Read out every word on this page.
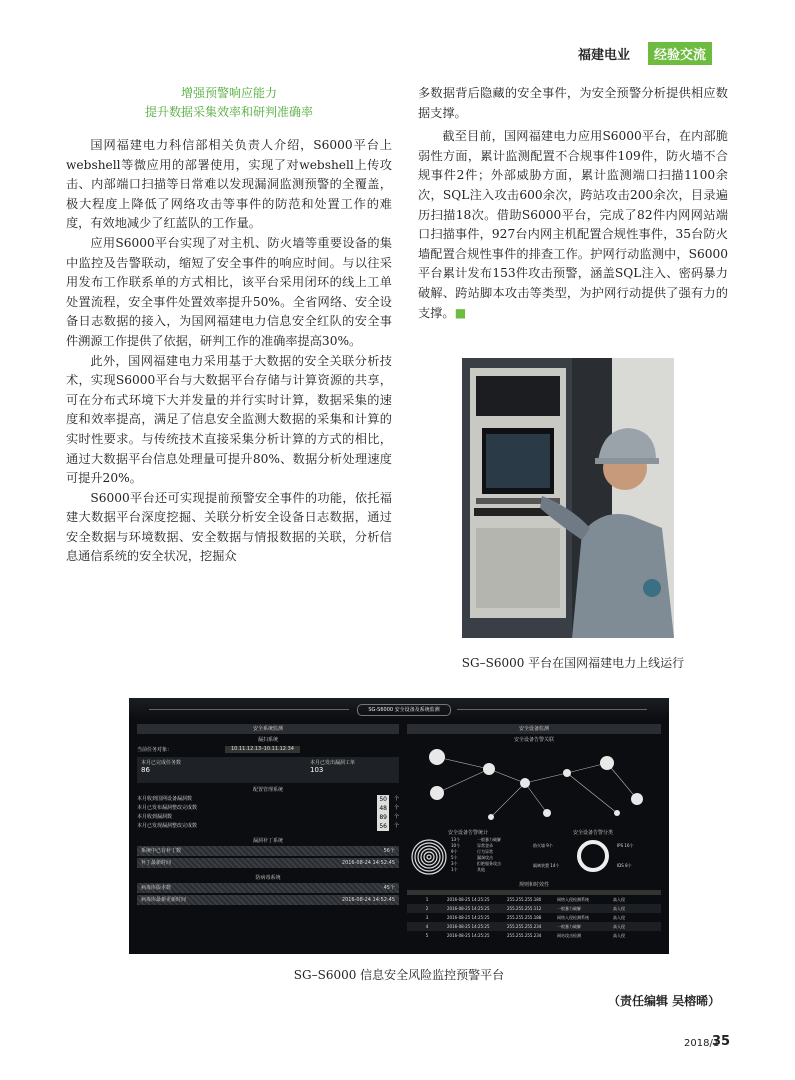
福建电业	经验交流
增强预警响应能力
提升数据采集效率和研判准确率

国网福建电力科信部相关负责人介绍，S6000平台上webshell等微应用的部署使用，实现了对webshell上传攻击、内部端口扫描等日常难以发现漏洞监测预警的全覆盖，极大程度上降低了网络攻击等事件的防范和处置工作的难度，有效地减少了红蓝队的工作量。

应用S6000平台实现了对主机、防火墙等重要设备的集中监控及告警联动，缩短了安全事件的响应时间。与以往采用发布工作联系单的方式相比，该平台采用闭环的线上工单处置流程，安全事件处置效率提升50%。全省网络、安全设备日志数据的接入，为国网福建电力信息安全红队的安全事件溯源工作提供了依据，研判工作的准确率提高30%。

此外，国网福建电力采用基于大数据的安全关联分析技术，实现S6000平台与大数据平台存储与计算资源的共享，可在分布式环境下大并发量的并行实时计算，数据采集的速度和效率提高，满足了信息安全监测大数据的采集和计算的实时性要求。与传统技术直接采集分析计算的方式的相比，通过大数据平台信息处理量可提升80%、数据分析处理速度可提升20%。

S6000平台还可实现提前预警安全事件的功能，依托福建大数据平台深度挖掘、关联分析安全设备日志数据，通过安全数据与环境数据、安全数据与情报数据的关联，分析信息通信系统的安全状况，挖掘众

多数据背后隐藏的安全事件，为安全预警分析提供相应数据支撑。

截至目前，国网福建电力应用S6000平台，在内部脆弱性方面，累计监测配置不合规事件109件，防火墙不合规事件2件；外部威胁方面，累计监测端口扫描1100余次，SQL注入攻击600余次，跨站攻击200余次，目录遍历扫描18次。借助S6000平台，完成了82件内网网站端口扫描事件，927台内网主机配置合规性事件，35台防火墙配置合规性事件的排查工作。护网行动监测中，S6000平台累计发布153件攻击预警，涵盖SQL注入、密码暴力破解、跨站脚本攻击等类型，为护网行动提供了强有力的支撑。■

SG–S6000 平台在国网福建电力上线运行
SG-S6000 安全设备及系统监测
安全系统监测
漏扫系统
当前任务对象：	10.11.12.13–10.11.12.34
本月已完成任务数
86
本月已发出漏洞工单
103
配置管理系统
本月收到国网设备漏洞数	50	个
本月已发布漏洞整改完成数	48	个
本月收到漏洞数	89	个
本月已发现漏洞整改完成数	56	个
漏洞补丁系统
系统中已有补丁数	56个
补丁最新时间	2016-08-24 14:52:45
防病毒系统
病毒库版本数	45个
病毒库最新更新时间	2016-08-24 14:52:45
安全设备监测
安全设备告警关联
安全设备告警统计
13个
10个
9个
5个
3个
1个
一般暴力破解
异常登录
行为异常
漏洞攻击
拒绝服务攻击
其他
安全设备告警分类
防火墙 9个	IPS 16个
隔离装置 14个	IDS 8个
规则和时效性
1	2016-08-25 14:25:25	255.255.255.180	网络入侵检测系统	高入侵
2	2016-08-25 14:25:25	255.255.255.112	一般暴力破解	高入侵
3	2016-08-25 14:25:25	255.255.255.188	网络入侵检测系统	高入侵
4	2016-08-25 14:25:25	255.255.255.234	一般暴力破解	高入侵
5	2016-08-25 14:25:25	255.255.255.234	网站攻击检测	高入侵
SG–S6000 信息安全风险监控预警平台
（责任编辑 吴榕晞）
2018/1
35
